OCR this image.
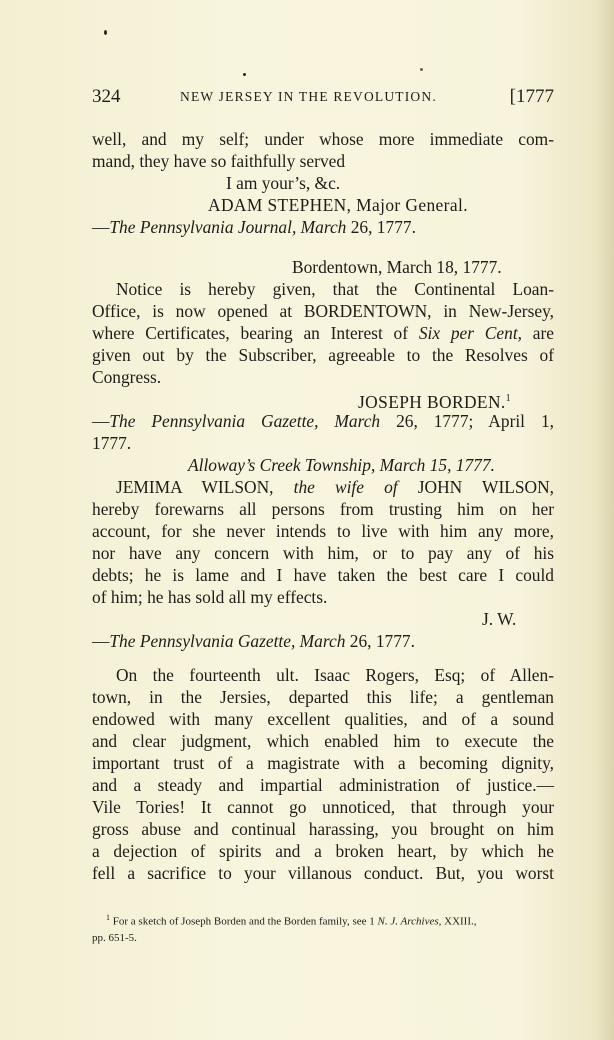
324	NEW JERSEY IN THE REVOLUTION.	[1777
well, and my self; under whose more immediate com-
mand, they have so faithfully served
I am your’s, &c.
ADAM STEPHEN, Major General.
—The Pennsylvania Journal, March 26, 1777.
Bordentown, March 18, 1777.
Notice is hereby given, that the Continental Loan-
Office, is now opened at BORDENTOWN, in New-Jersey,
where Certificates, bearing an Interest of Six per Cent, are
given out by the Subscriber, agreeable to the Resolves of
Congress.
JOSEPH BORDEN.$^1$
—The Pennsylvania Gazette, March 26, 1777; April 1,
1777.
Alloway’s Creek Township, March 15, 1777.
JEMIMA WILSON, the wife of JOHN WILSON,
hereby forewarns all persons from trusting him on her
account, for she never intends to live with him any more,
nor have any concern with him, or to pay any of his
debts; he is lame and I have taken the best care I could
of him; he has sold all my effects.
J. W.
—The Pennsylvania Gazette, March 26, 1777.
On the fourteenth ult. Isaac Rogers, Esq; of Allen-
town, in the Jersies, departed this life; a gentleman
endowed with many excellent qualities, and of a sound
and clear judgment, which enabled him to execute the
important trust of a magistrate with a becoming dignity,
and a steady and impartial administration of justice.—
Vile Tories! It cannot go unnoticed, that through your
gross abuse and continual harassing, you brought on him
a dejection of spirits and a broken heart, by which he
fell a sacrifice to your villanous conduct. But, you worst
$^1$ For a sketch of Joseph Borden and the Borden family, see 1 N. J. Archives, XXIII.,
pp. 651-5.
